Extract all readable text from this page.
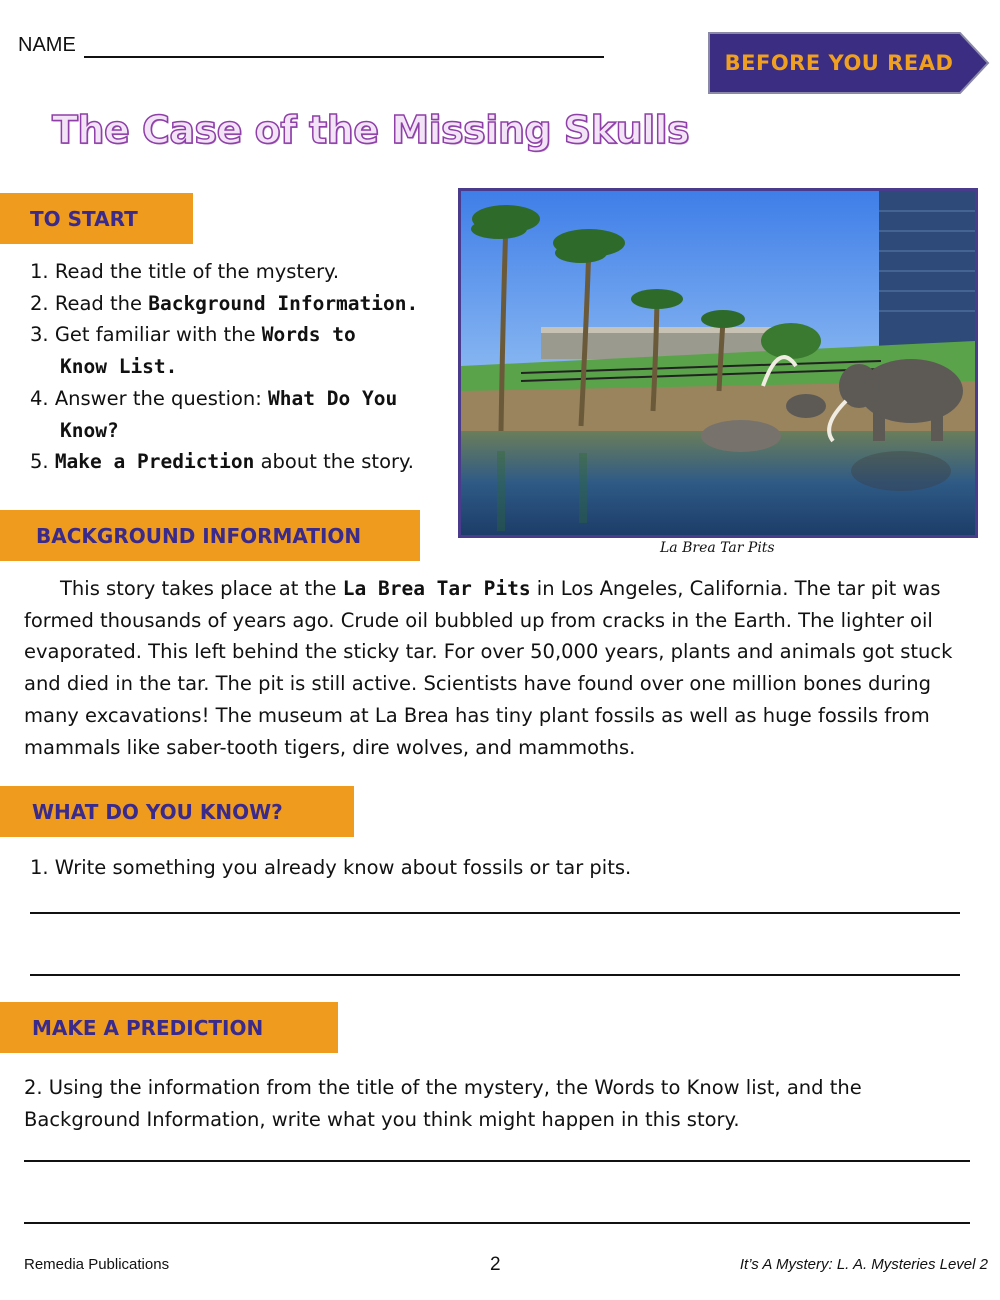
NAME
BEFORE YOU READ
The Case of the Missing Skulls
TO START
1. Read the title of the mystery.
2. Read the Background Information.
3. Get familiar with the Words to
Know List.
4. Answer the question: What Do You
Know?
5. Make a Prediction about the story.
La Brea Tar Pits
BACKGROUND INFORMATION

This story takes place at the La Brea Tar Pits in Los Angeles, California. The tar pit was formed thousands of years ago. Crude oil bubbled up from cracks in the Earth. The lighter oil evaporated. This left behind the sticky tar. For over 50,000 years, plants and animals got stuck and died in the tar. The pit is still active. Scientists have found over one million bones during many excavations! The museum at La Brea has tiny plant fossils as well as huge fossils from mammals like saber-tooth tigers, dire wolves, and mammoths.

WHAT DO YOU KNOW?
1. Write something you already know about fossils or tar pits.
MAKE A PREDICTION

2. Using the information from the title of the mystery, the Words to Know list, and the Background Information, write what you think might happen in this story.

Remedia Publications	2	It’s A Mystery: L. A. Mysteries Level 2
